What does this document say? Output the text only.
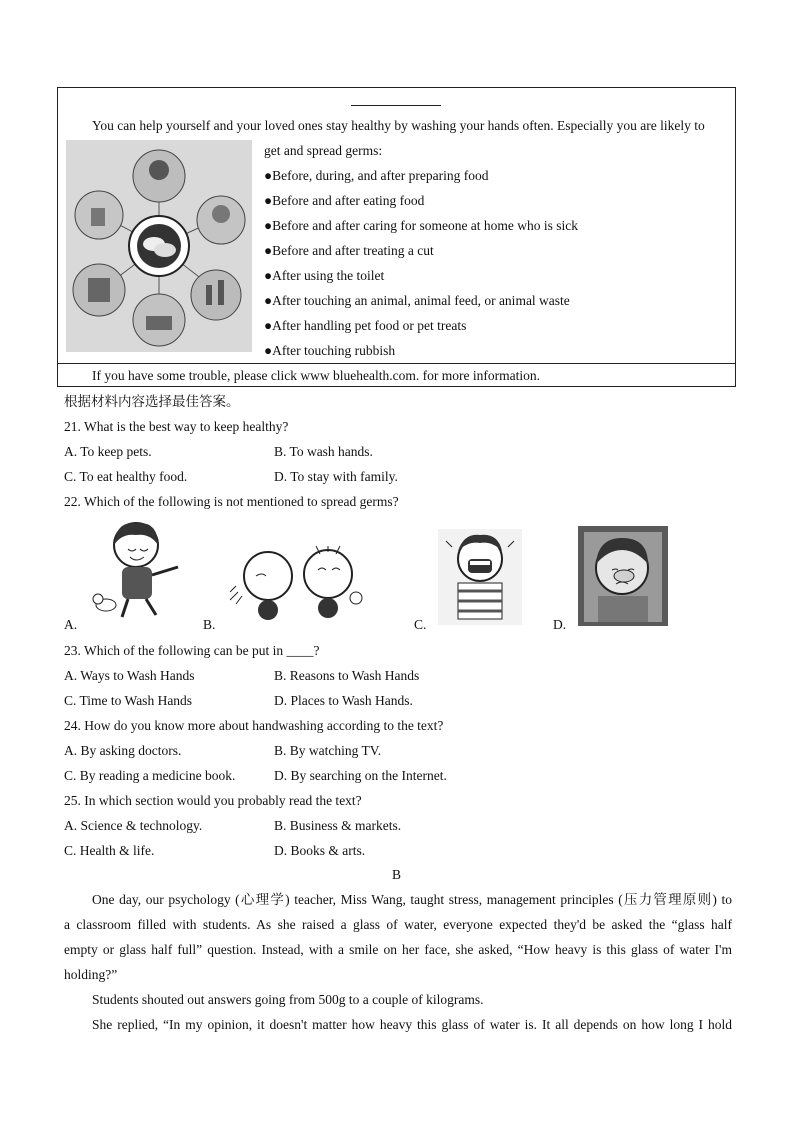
You can help yourself and your loved ones stay healthy by washing your hands often. Especially you are likely to
get and spread germs:
●Before, during, and after preparing food
●Before and after eating food
●Before and after caring for someone at home who is sick
●Before and after treating a cut
●After using the toilet
●After touching an animal, animal feed, or animal waste
●After handling pet food or pet treats
●After touching rubbish
If you have some trouble, please click www bluehealth.com. for more information.
根据材料内容选择最佳答案。
21. What is the best way to keep healthy?
A. To keep pets.	B. To wash hands.
C. To eat healthy food.	D. To stay with family.
22. Which of the following is not mentioned to spread germs?
A.	B.	C.	D.
23. Which of the following can be put in ____?
A. Ways to Wash Hands	B. Reasons to Wash Hands
C. Time to Wash Hands	D. Places to Wash Hands.
24. How do you know more about handwashing according to the text?
A. By asking doctors.	B. By watching TV.
C. By reading a medicine book.	D. By searching on the Internet.
25. In which section would you probably read the text?
A. Science & technology.	B. Business & markets.
C. Health & life.	D. Books & arts.
B

One day, our psychology (心理学) teacher, Miss Wang, taught stress, management principles (压力管理原则) to

a classroom filled with students. As she raised a glass of water, everyone expected they'd be asked the “glass half

empty or glass half full” question. Instead, with a smile on her face, she asked, “How heavy is this glass of water I'm

holding?”

Students shouted out answers going from 500g to a couple of kilograms.

She replied, “In my opinion, it doesn't matter how heavy this glass of water is. It all depends on how long I hold
